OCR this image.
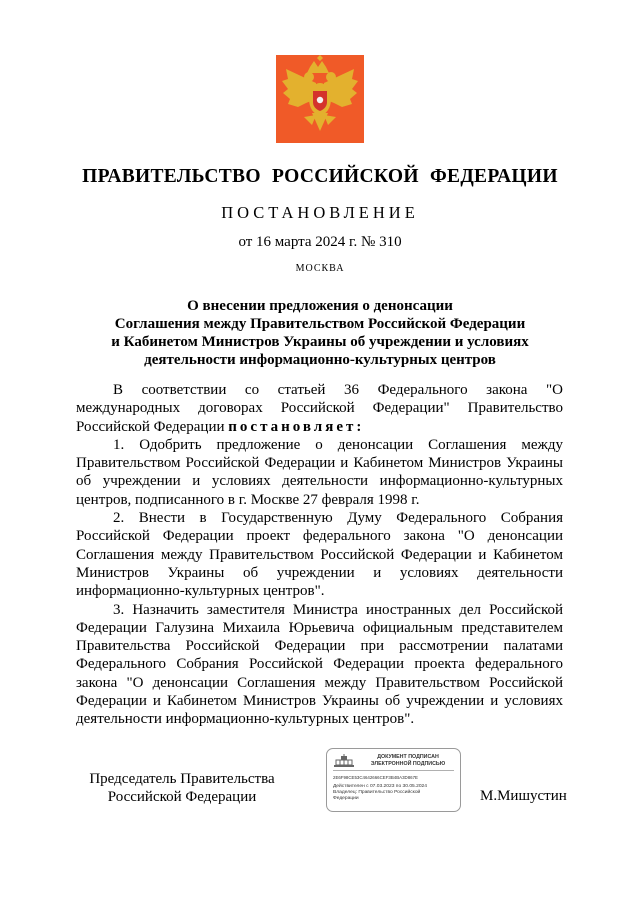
ПРАВИТЕЛЬСТВО РОССИЙСКОЙ ФЕДЕРАЦИИ
ПОСТАНОВЛЕНИЕ
от 16 марта 2024 г. № 310
МОСКВА
О внесении предложения о денонсации
Соглашения между Правительством Российской Федерации
и Кабинетом Министров Украины об учреждении и условиях
деятельности информационно-культурных центров

В соответствии со статьей 36 Федерального закона "О международных договорах Российской Федерации" Правительство Российской Федерации постановляет:

1. Одобрить предложение о денонсации Соглашения между Правительством Российской Федерации и Кабинетом Министров Украины об учреждении и условиях деятельности информационно-культурных центров, подписанного в г. Москве 27 февраля 1998 г.

2. Внести в Государственную Думу Федерального Собрания Российской Федерации проект федерального закона "О денонсации Соглашения между Правительством Российской Федерации и Кабинетом Министров Украины об учреждении и условиях деятельности информационно-культурных центров".

3. Назначить заместителя Министра иностранных дел Российской Федерации Галузина Михаила Юрьевича официальным представителем Правительства Российской Федерации при рассмотрении палатами Федерального Собрания Российской Федерации проекта федерального закона "О денонсации Соглашения между Правительством Российской Федерации и Кабинетом Министров Украины об учреждении и условиях деятельности информационно-культурных центров".

Председатель Правительства
Российской Федерации
ДОКУМЕНТ ПОДПИСАН
ЭЛЕКТРОННОЙ ПОДПИСЬЮ
2E6F98CE53C4642666CEF3B4BA3D867E
Действителен с 07.03.2023 по 30.05.2024
Владелец: Правительство Российской
Федерации	М.Мишустин
